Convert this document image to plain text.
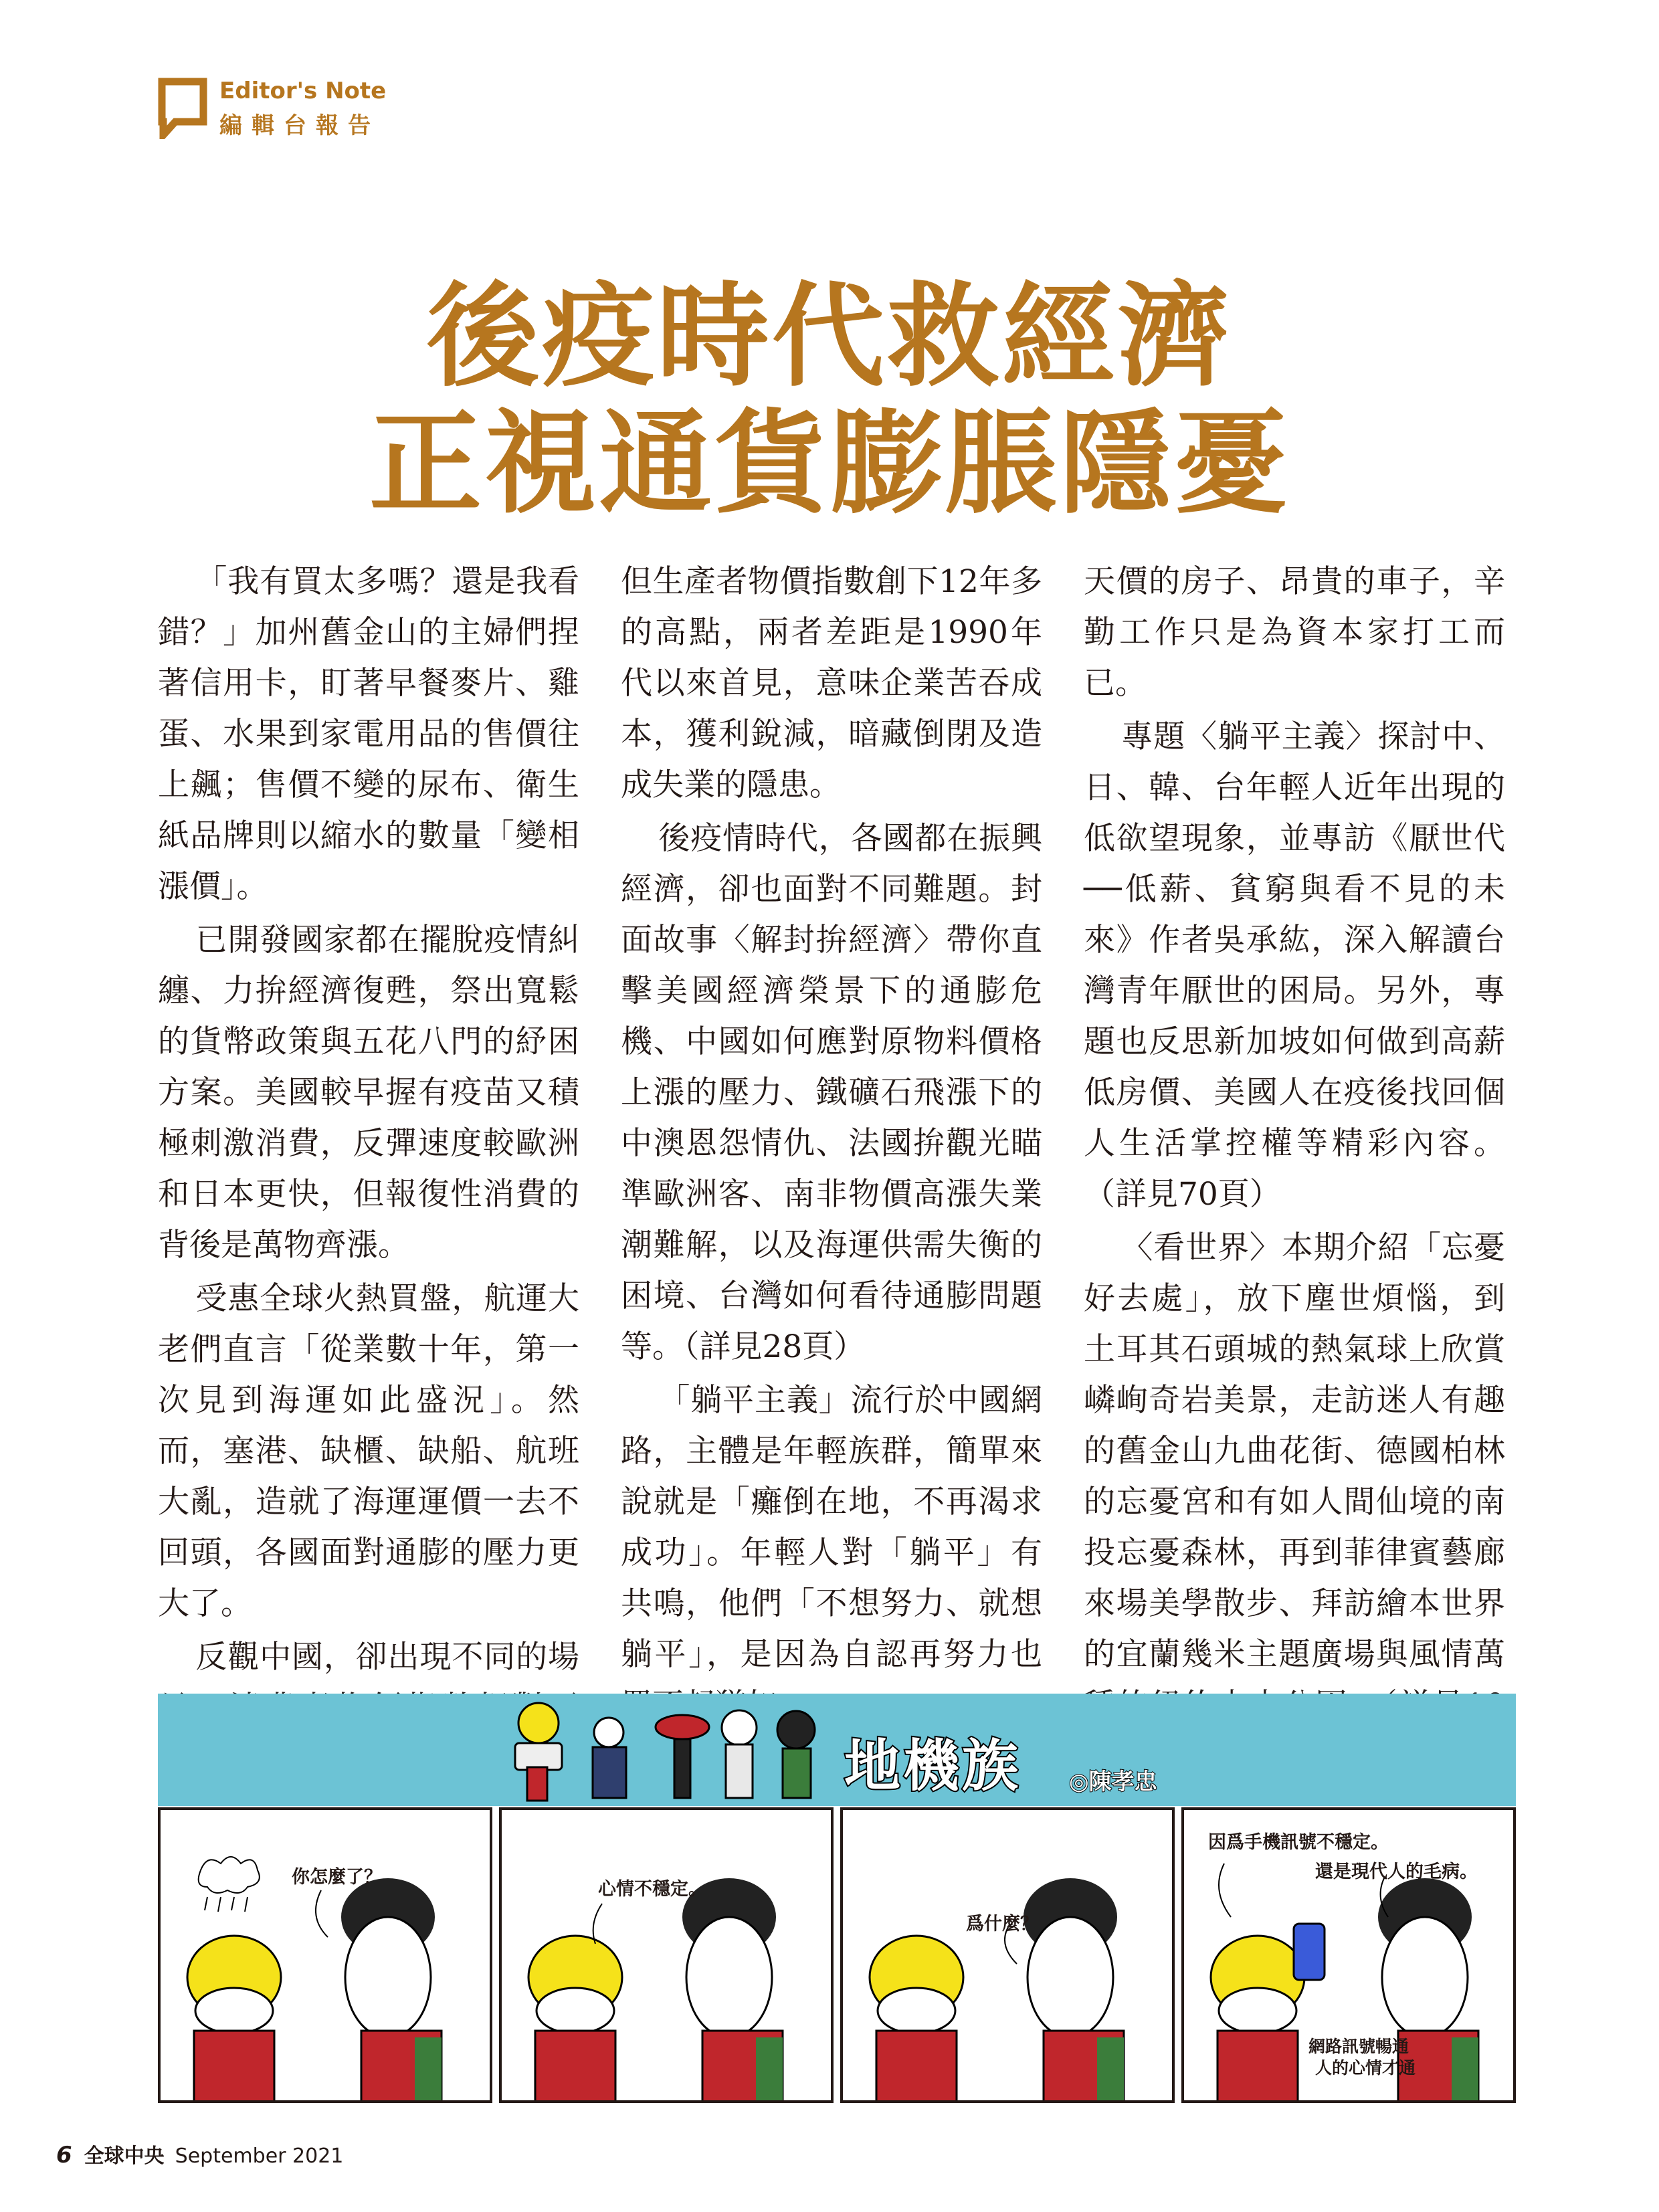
Editor's Note
編輯台報告
後疫時代救經濟
正視通貨膨脹隱憂

「我有買太多嗎？還是我看錯？」加州舊金山的主婦們捏著信用卡，盯著早餐麥片、雞蛋、水果到家電用品的售價往上飆；售價不變的尿布、衛生紙品牌則以縮水的數量「變相漲價」。

已開發國家都在擺脫疫情糾纏、力拚經濟復甦，祭出寬鬆的貨幣政策與五花八門的紓困方案。美國較早握有疫苗又積極刺激消費，反彈速度較歐洲和日本更快，但報復性消費的背後是萬物齊漲。

受惠全球火熱買盤，航運大老們直言「從業數十年，第一次見到海運如此盛況」。然而，塞港、缺櫃、缺船、航班大亂，造就了海運運價一去不回頭，各國面對通膨的壓力更大了。

反觀中國，卻出現不同的場

但生產者物價指數創下12年多的高點，兩者差距是1990年代以來首見，意味企業苦吞成本，獲利銳減，暗藏倒閉及造成失業的隱患。

後疫情時代，各國都在振興經濟，卻也面對不同難題。封面故事〈解封拚經濟〉帶你直擊美國經濟榮景下的通膨危機、中國如何應對原物料價格上漲的壓力、鐵礦石飛漲下的中澳恩怨情仇、法國拚觀光瞄準歐洲客、南非物價高漲失業潮難解，以及海運供需失衡的困境、台灣如何看待通膨問題等。（詳見28頁）

「躺平主義」流行於中國網路，主體是年輕族群，簡單來說就是「癱倒在地，不再渴求成功」。年輕人對「躺平」有共鳴，他們「不想努力、就想躺平」，是因為自認再努力也

天價的房子、昂貴的車子，辛勤工作只是為資本家打工而已。

專題〈躺平主義〉探討中、日、韓、台年輕人近年出現的低欲望現象，並專訪《厭世代──低薪、貧窮與看不見的未來》作者吳承紘，深入解讀台灣青年厭世的困局。另外，專題也反思新加坡如何做到高薪低房價、美國人在疫後找回個人生活掌控權等精彩內容。（詳見70頁）

〈看世界〉本期介紹「忘憂好去處」，放下塵世煩惱，到土耳其石頭城的熱氣球上欣賞嶙峋奇岩美景，走訪迷人有趣的舊金山九曲花街、德國柏林的忘憂宮和有如人間仙境的南投忘憂森林，再到菲律賓藝廊來場美學散步、拜訪繪本世界的宜蘭幾米主題廣場與風情萬

地機族 ◎陳孝忠
你怎麼了？
心情不穩定。
爲什麼？
因爲手機訊號不穩定。
還是現代人的毛病。
網路訊號暢通
人的心情才通
6 全球中央 September 2021
